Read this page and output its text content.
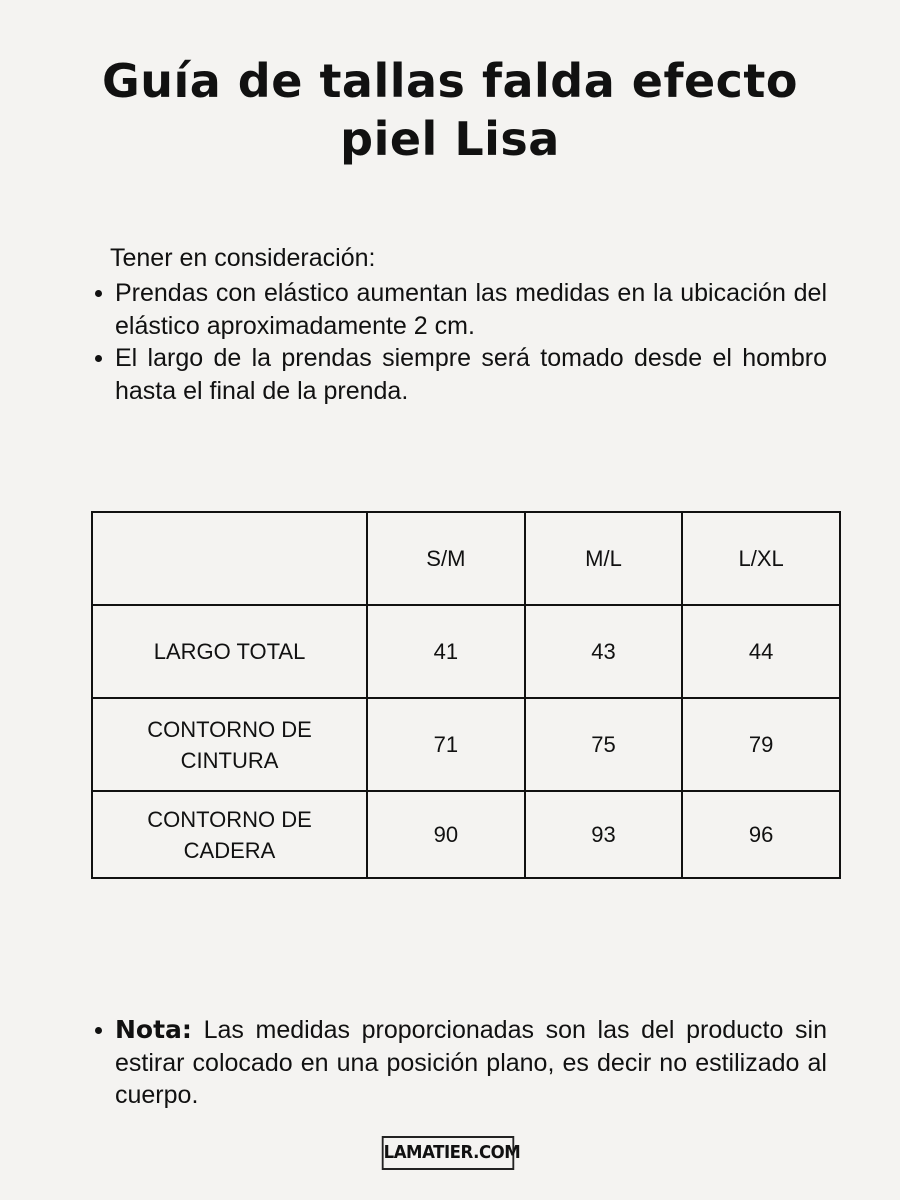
Guía de tallas falda efecto piel Lisa

Tener en consideración:

Prendas con elástico aumentan las medidas en la ubicación del elástico aproximadamente 2 cm.
El largo de la prendas siempre será tomado desde el hombro hasta el final de la prenda.
	S/M	M/L	L/XL
LARGO TOTAL	41	43	44
CONTORNO DE CINTURA	71	75	79
CONTORNO DE CADERA	90	93	96
Nota: Las medidas proporcionadas son las del producto sin estirar colocado en una posición plano, es decir no estilizado al cuerpo.
LAMATIER.COM
